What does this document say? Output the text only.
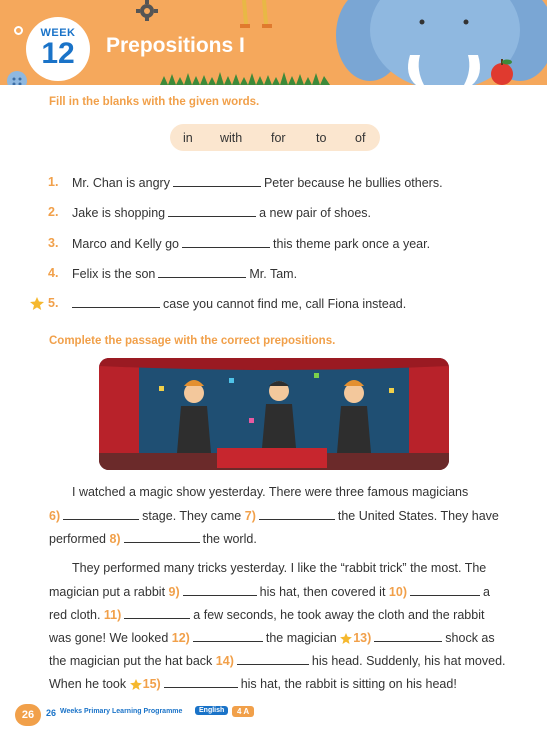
WEEK
12	Prepositions I
Fill in the blanks with the given words.
in with for to of
1. Mr. Chan is angry	Peter because he bullies others.
2. Jake is shopping	a new pair of shoes.
3. Marco and Kelly go	this theme park once a year.
4. Felix is the son	Mr. Tam.
5.	case you cannot find me, call Fiona instead.
Complete the passage with the correct prepositions.
I watched a magic show yesterday. There were three famous magicians
6)	stage. They came 7)	the United States. They have
performed 8)	the world.
They performed many tricks yesterday. I like the “rabbit trick” the most. The
magician put a rabbit 9)	his hat, then covered it 10)	a
red cloth. 11)	a few seconds, he took away the cloth and the rabbit
was gone! We looked 12)	the magician 13)	shock as
the magician put the hat back 14)	his head. Suddenly, his hat moved.
When he took 15)	his hat, the rabbit is sitting on his head!
26	26 Weeks Primary Learning Programme	English	4 A
